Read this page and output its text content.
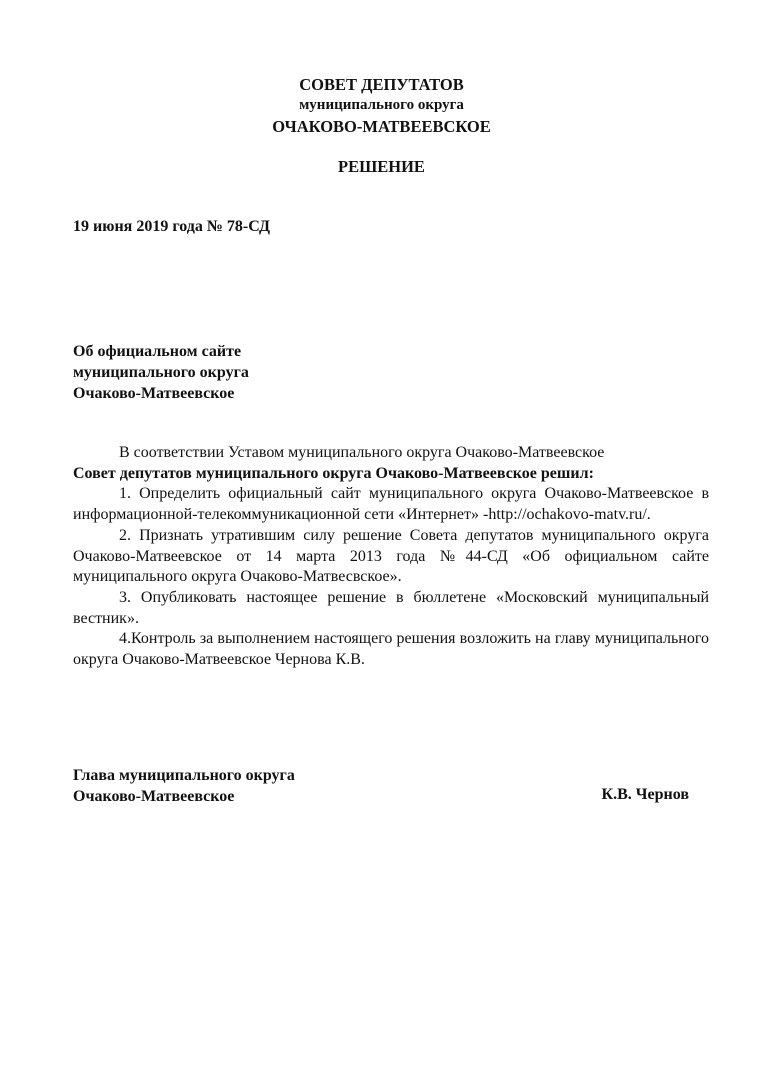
СОВЕТ ДЕПУТАТОВ
муниципального округа
ОЧАКОВО-МАТВЕЕВСКОЕ
РЕШЕНИЕ
19 июня 2019 года № 78-СД
Об официальном сайте
муниципального округа
Очаково-Матвеевское

В соответствии Уставом муниципального округа Очаково-Матвеевское

Совет депутатов муниципального округа Очаково-Матвеевское решил:

1. Определить официальный сайт муниципального округа Очаково-Матвеевское в информационной-телекоммуникационной сети «Интернет» -http://ochakovo-matv.ru/.

2. Признать утратившим силу решение Совета депутатов муниципального округа Очаково-Матвеевское от 14 марта 2013 года №44-СД «Об официальном сайте муниципального округа Очаково-Матвесвское».

3. Опубликовать настоящее решение в бюллетене «Московский муниципальный вестник».

4.Контроль за выполнением настоящего решения возложить на главу муниципального округа Очаково-Матвеевское Чернова К.В.

Глава муниципального округа
Очаково-Матвеевское	К.В. Чернов
